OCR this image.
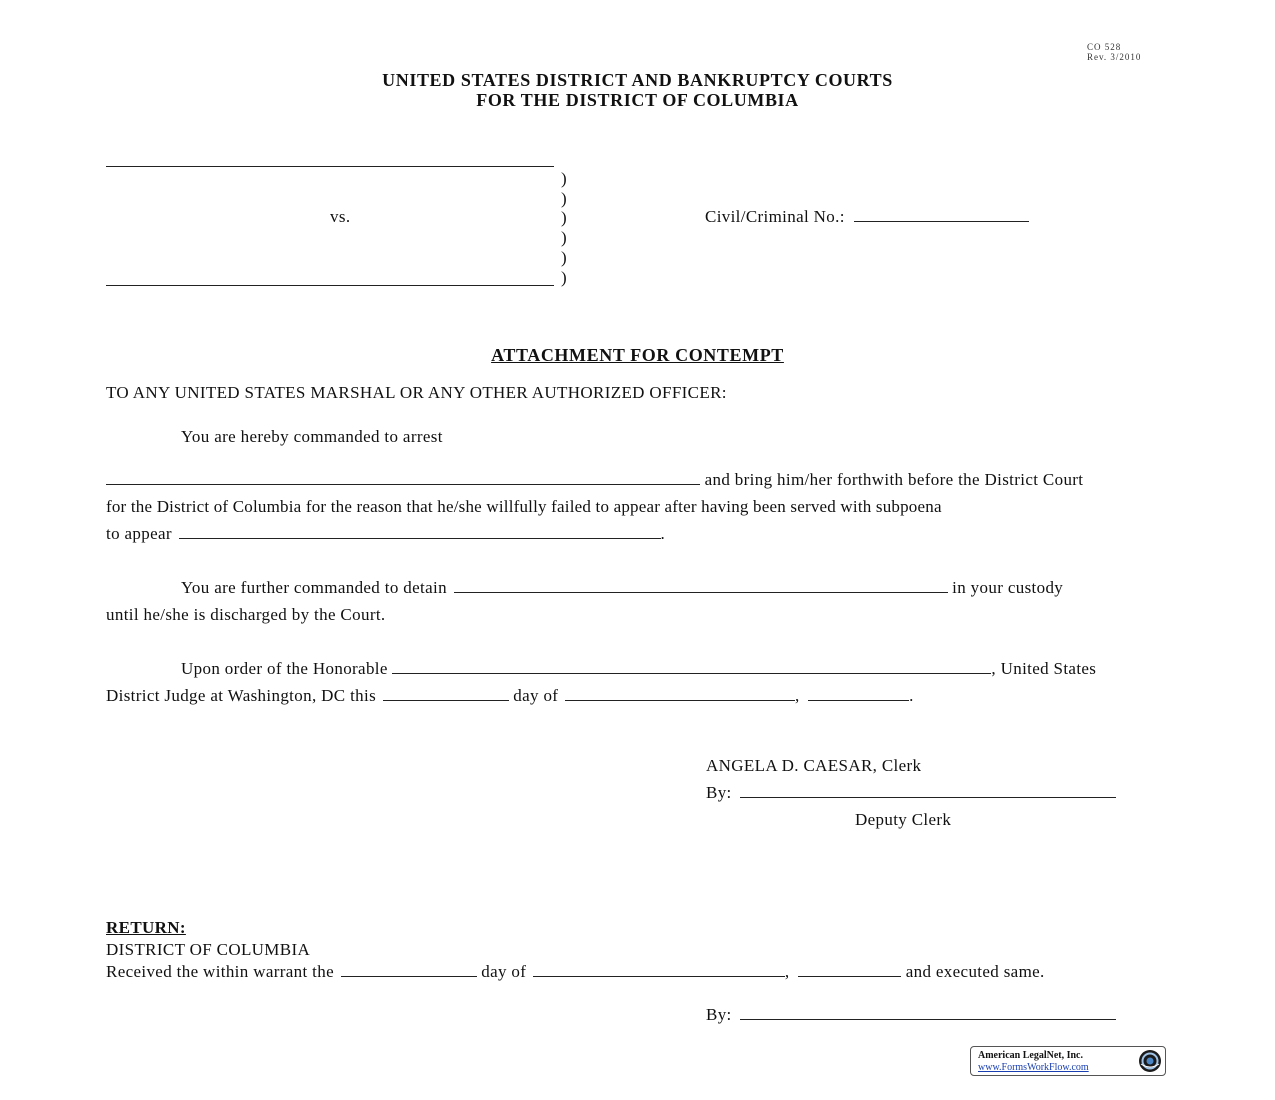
CO 528
Rev. 3/2010
UNITED STATES DISTRICT AND BANKRUPTCY COURTS
FOR THE DISTRICT OF COLUMBIA
)
)
)
)
)
)
vs.	Civil/Criminal No.:
ATTACHMENT FOR CONTEMPT
TO ANY UNITED STATES MARSHAL OR ANY OTHER AUTHORIZED OFFICER:
You are hereby commanded to arrest
and bring him/her forthwith before the District Court
for the District of Columbia for the reason that he/she willfully failed to appear after having been served with subpoena
to appear	.
You are further commanded to detain	in your custody
until he/she is discharged by the Court.
Upon order of the Honorable	, United States
District Judge at Washington, DC this	day of	,	.
ANGELA D. CAESAR, Clerk
By:
Deputy Clerk
RETURN:
DISTRICT OF COLUMBIA
Received the within warrant the	day of	,	and executed same.
By:
American LegalNet, Inc.
www.FormsWorkFlow.com
